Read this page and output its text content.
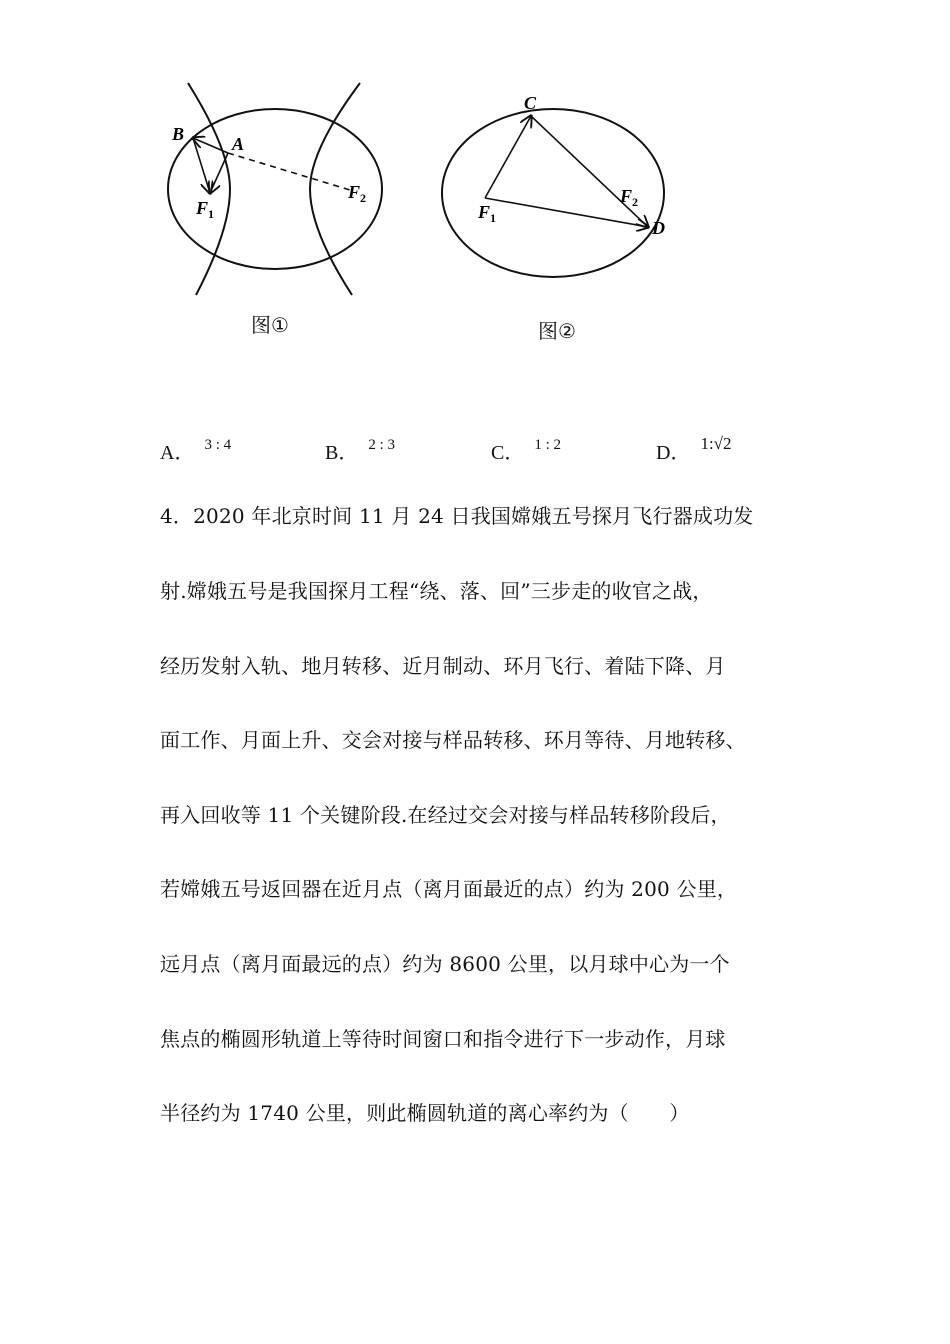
B	A
$F_1$
$F_2$
图①
C
D
$F_1$
$F_2$
图②
A． $^{3 : 4}$	B． $^{2 : 3}$	C． $^{1 : 2}$	D． 1:√2
4．2020 年北京时间 11 月 24 日我国嫦娥五号探月飞行器成功发
射.嫦娥五号是我国探月工程“绕、落、回”三步走的收官之战，
经历发射入轨、地月转移、近月制动、环月飞行、着陆下降、月
面工作、月面上升、交会对接与样品转移、环月等待、月地转移、
再入回收等 11 个关键阶段.在经过交会对接与样品转移阶段后，
若嫦娥五号返回器在近月点（离月面最近的点）约为 200 公里，
远月点（离月面最远的点）约为 8600 公里，以月球中心为一个
焦点的椭圆形轨道上等待时间窗口和指令进行下一步动作，月球
半径约为 1740 公里，则此椭圆轨道的离心率约为（　　）
